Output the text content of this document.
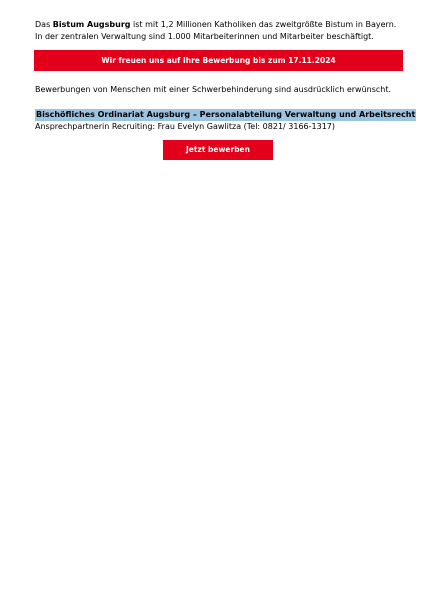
Das Bistum Augsburg ist mit 1,2 Millionen Katholiken das zweitgrößte Bistum in Bayern.

In der zentralen Verwaltung sind 1.000 Mitarbeiterinnen und Mitarbeiter beschäftigt.

Wir freuen uns auf Ihre Bewerbung bis zum 17.11.2024

Bewerbungen von Menschen mit einer Schwerbehinderung sind ausdrücklich erwünscht.

Bischöfliches Ordinariat Augsburg – Personalabteilung Verwaltung und Arbeitsrecht

Ansprechpartnerin Recruiting: Frau Evelyn Gawlitza (Tel: 0821/ 3166-1317)

Jetzt bewerben
